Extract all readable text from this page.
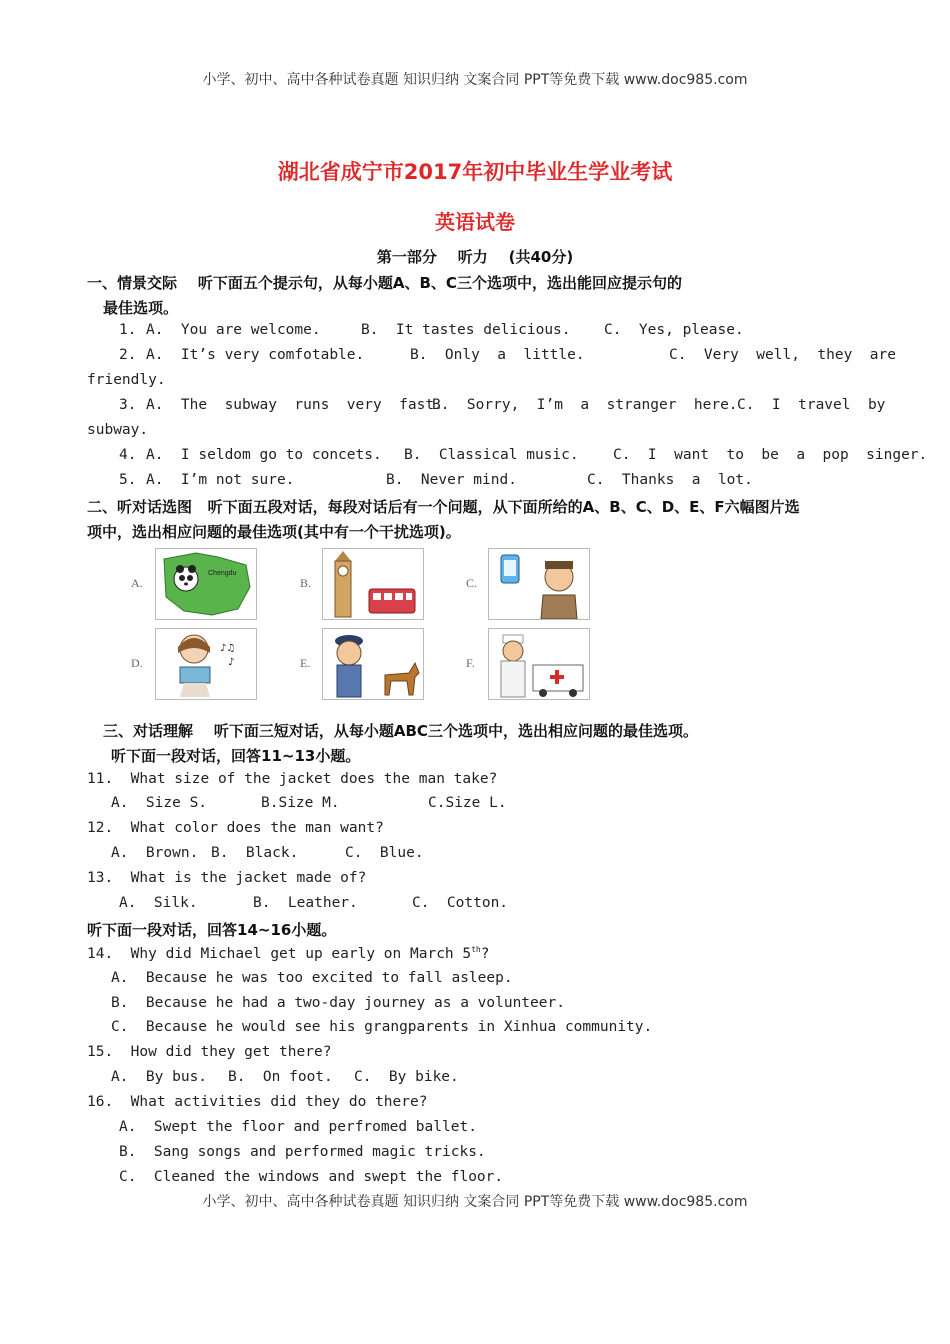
小学、初中、高中各种试卷真题 知识归纳 文案合同 PPT等免费下载 www.doc985.com
小学、初中、高中各种试卷真题 知识归纳 文案合同 PPT等免费下载 www.doc985.com
湖北省成宁市2017年初中毕业生学业考试
英语试卷
第一部分    听力    (共40分)
一、情景交际    听下面五个提示句，从每小题A、B、C三个选项中，选出能回应提示句的
最佳选项。
1. A.  You are welcome.	B.  It tastes delicious. C.  Yes, please.
2. A.  It’s very comfotable.	B.  Only  a  little.	C.  Very  well,  they  are
friendly.
3. A.  The  subway  runs  very  fast.
B.  Sorry,  I’m  a  stranger  here. C.  I  travel  by
subway.
4. A.  I seldom go to concets. B.  Classical music. C.  I  want  to  be  a  pop  singer.
5. A.  I’m not sure.	B.  Never mind.	C.  Thanks  a  lot.
二、听对话选图   听下面五段对话，每段对话后有一个问题，从下面所给的A、B、C、D、E、F六幅图片选
项中，选出相应问题的最佳选项(其中有一个干扰选项)。
A.
Chengdu
B.	C.
D.
♪♫
♪	E.	F.
三、对话理解    听下面三短对话，从每小题ABC三个选项中，选出相应问题的最佳选项。
听下面一段对话，回答11~13小题。
11.  What size of the jacket does the man take?
A.  Size S.	B.Size M.	C.Size L.
12.  What color does the man want?
A.  Brown. B.  Black.	C.  Blue.
13.  What is the jacket made of?
A.  Silk.	B.  Leather.	C.  Cotton.
听下面一段对话，回答14~16小题。
14.  Why did Michael get up early on March 5th?
A.  Because he was too excited to fall asleep.
B.  Because he had a two-day journey as a volunteer.
C.  Because he would see his grangparents in Xinhua community.
15.  How did they get there?
A.  By bus. B.  On foot. C.  By bike.
16.  What activities did they do there?
A.  Swept the floor and perfromed ballet.
B.  Sang songs and performed magic tricks.
C.  Cleaned the windows and swept the floor.
